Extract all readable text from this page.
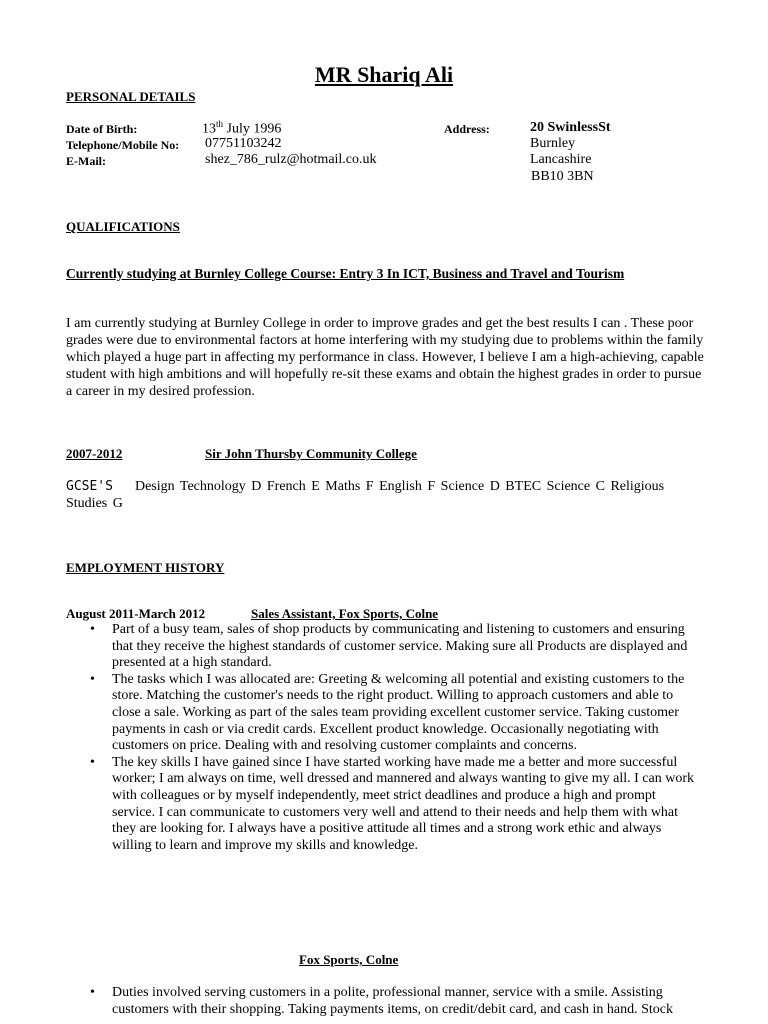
MR Shariq Ali
PERSONAL DETAILS
Date of Birth:	13th July 1996
Telephone/Mobile No: 07751103242
E-Mail:	shez_786_rulz@hotmail.co.uk
Address:	20 SwinlessSt
Burnley
Lancashire
BB10 3BN
QUALIFICATIONS
Currently studying at Burnley College Course: Entry 3 In ICT, Business and Travel and Tourism
I am currently studying at Burnley College in order to improve grades and get the best results I can . These poor grades were due to environmental factors at home interfering with my studying due to problems within the family which played a huge part in affecting my performance in class. However, I believe I am a high-achieving, capable student with high ambitions and will hopefully re-sit these exams and obtain the highest grades in order to pursue a career in my desired profession.
2007-2012	Sir John Thursby Community College
GCSE'S Design Technology D French E Maths F English F Science D BTEC Science C Religious Studies G
EMPLOYMENT HISTORY
August 2011-March 2012	Sales Assistant, Fox Sports, Colne
• Part of a busy team, sales of shop products by communicating and listening to customers and ensuring that they receive the highest standards of customer service. Making sure all Products are displayed and presented at a high standard.
• The tasks which I was allocated are: Greeting & welcoming all potential and existing customers to the store. Matching the customer's needs to the right product. Willing to approach customers and able to close a sale. Working as part of the sales team providing excellent customer service. Taking customer payments in cash or via credit cards. Excellent product knowledge. Occasionally negotiating with customers on price. Dealing with and resolving customer complaints and concerns.
• The key skills I have gained since I have started working have made me a better and more successful worker; I am always on time, well dressed and mannered and always wanting to give my all. I can work with colleagues or by myself independently, meet strict deadlines and produce a high and prompt service. I can communicate to customers very well and attend to their needs and help them with what they are looking for. I always have a positive attitude all times and a strong work ethic and always willing to learn and improve my skills and knowledge.
Fox Sports, Colne
• Duties involved serving customers in a polite, professional manner, service with a smile. Assisting customers with their shopping. Taking payments items, on credit/debit card, and cash in hand. Stock
